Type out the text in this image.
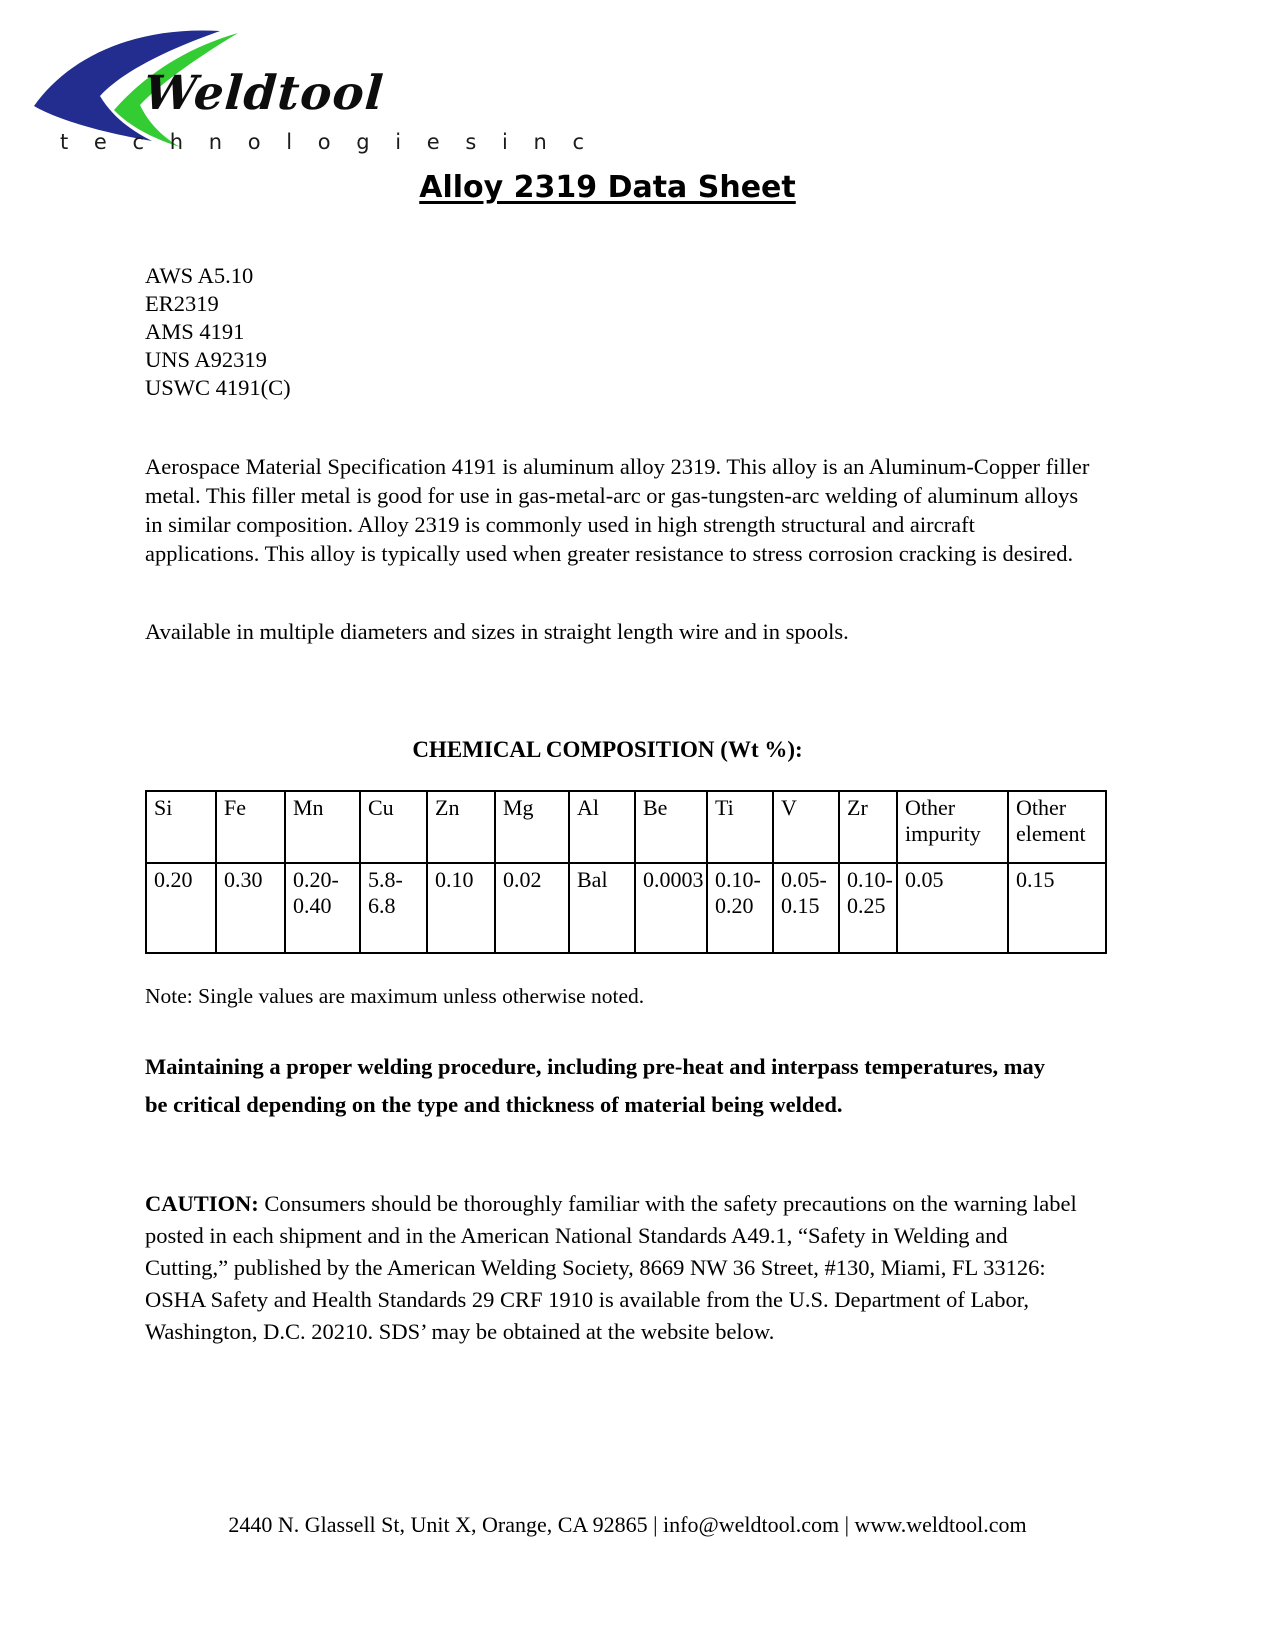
Weldtool
t e c h n o l o g i e s i n c
Alloy 2319 Data Sheet
AWS A5.10
ER2319
AMS 4191
UNS A92319
USWC 4191(C)
Aerospace Material Specification 4191 is aluminum alloy 2319. This alloy is an Aluminum-Copper filler metal. This filler metal is good for use in gas-metal-arc or gas-tungsten-arc welding of aluminum alloys in similar composition. Alloy 2319 is commonly used in high strength structural and aircraft applications. This alloy is typically used when greater resistance to stress corrosion cracking is desired.
Available in multiple diameters and sizes in straight length wire and in spools.
CHEMICAL COMPOSITION (Wt %):
Si	Fe	Mn	Cu	Zn	Mg	Al	Be	Ti	V	Zr	Other impurity	Other element
0.20	0.30	0.20-0.40	5.8-6.8	0.10	0.02	Bal	0.0003	0.10-0.20	0.05-0.15	0.10-0.25	0.05	0.15
Note: Single values are maximum unless otherwise noted.
Maintaining a proper welding procedure, including pre-heat and interpass temperatures, may be critical depending on the type and thickness of material being welded.
CAUTION: Consumers should be thoroughly familiar with the safety precautions on the warning label posted in each shipment and in the American National Standards A49.1, “Safety in Welding and Cutting,” published by the American Welding Society, 8669 NW 36 Street, #130, Miami, FL 33126: OSHA Safety and Health Standards 29 CRF 1910 is available from the U.S. Department of Labor, Washington, D.C. 20210. SDS’ may be obtained at the website below.
2440 N. Glassell St, Unit X, Orange, CA 92865 | info@weldtool.com | www.weldtool.com
